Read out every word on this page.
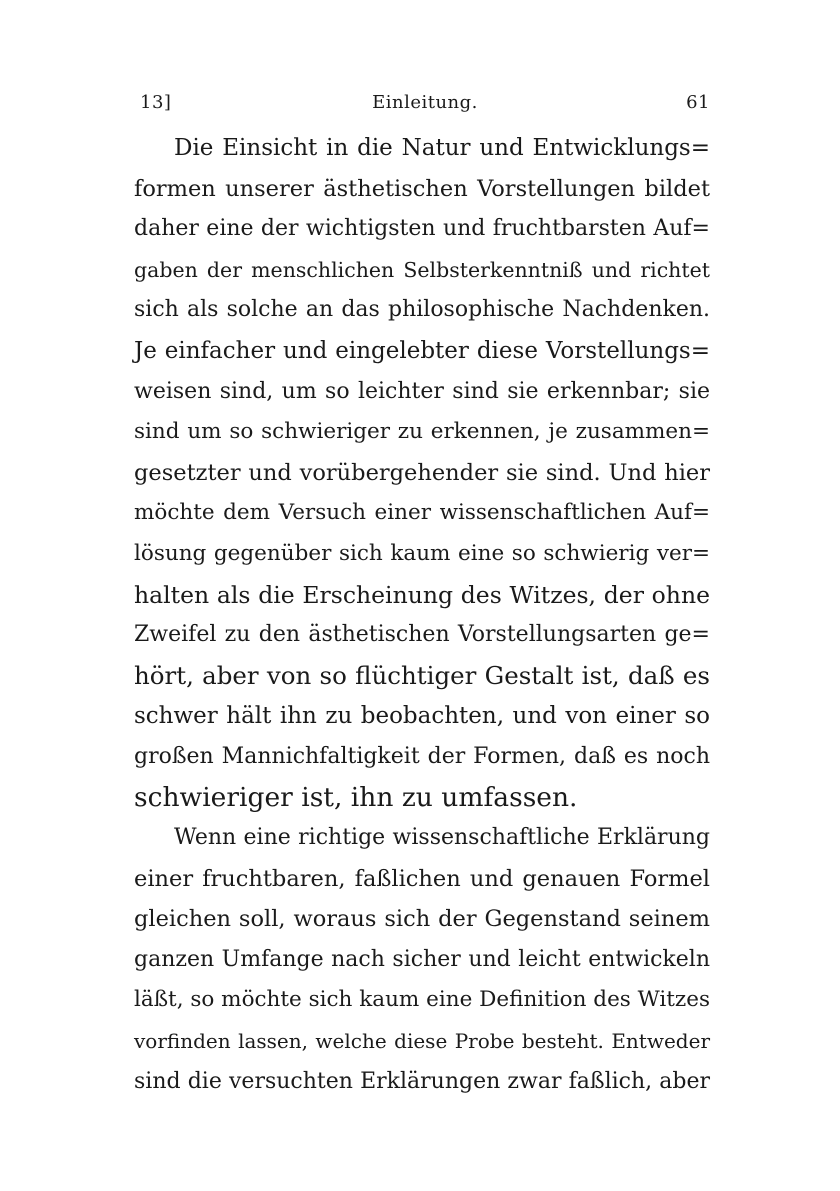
13]	Einleitung.	61
Die Einsicht in die Natur und Entwicklungs=
formen unserer ästhetischen Vorstellungen bildet
daher eine der wichtigsten und fruchtbarsten Auf=
gaben der menschlichen Selbsterkenntniß und richtet
sich als solche an das philosophische Nachdenken.
Je einfacher und eingelebter diese Vorstellungs=
weisen sind, um so leichter sind sie erkennbar; sie
sind um so schwieriger zu erkennen, je zusammen=
gesetzter und vorübergehender sie sind. Und hier
möchte dem Versuch einer wissenschaftlichen Auf=
lösung gegenüber sich kaum eine so schwierig ver=
halten als die Erscheinung des Witzes, der ohne
Zweifel zu den ästhetischen Vorstellungsarten ge=
hört, aber von so flüchtiger Gestalt ist, daß es
schwer hält ihn zu beobachten, und von einer so
großen Mannichfaltigkeit der Formen, daß es noch
schwieriger ist, ihn zu umfassen.
Wenn eine richtige wissenschaftliche Erklärung
einer fruchtbaren, faßlichen und genauen Formel
gleichen soll, woraus sich der Gegenstand seinem
ganzen Umfange nach sicher und leicht entwickeln
läßt, so möchte sich kaum eine Definition des Witzes
vorfinden lassen, welche diese Probe besteht. Entweder
sind die versuchten Erklärungen zwar faßlich, aber
